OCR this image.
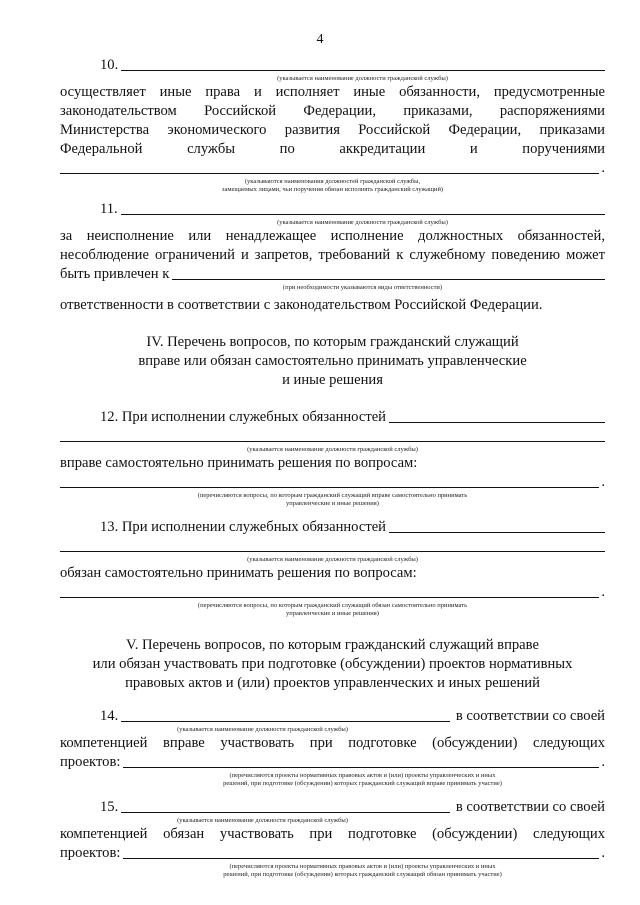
4
10.
(указывается наименование должности гражданской службы)
осуществляет иные права и исполняет иные обязанности, предусмотренные
законодательством Российской Федерации, приказами, распоряжениями
Министерства экономического развития Российской Федерации, приказами
Федеральной службы по аккредитации и поручениями
.
(указываются наименования должностей гражданской службы,
замещаемых лицами, чьи поручения обязан исполнять гражданский служащий)
11.
(указывается наименование должности гражданской службы)
за неисполнение или ненадлежащее исполнение должностных обязанностей,
несоблюдение ограничений и запретов, требований к служебному поведению может
быть привлечен к
(при необходимости указываются виды ответственности)
ответственности в соответствии с законодательством Российской Федерации.
IV. Перечень вопросов, по которым гражданский служащий
вправе или обязан самостоятельно принимать управленческие
и иные решения
12. При исполнении служебных обязанностей
(указывается наименование должности гражданской службы)
вправе самостоятельно принимать решения по вопросам:
.
(перечисляются вопросы, по которым гражданский служащий вправе самостоятельно принимать
управленческие и иные решения)
13. При исполнении служебных обязанностей
(указывается наименование должности гражданской службы)
обязан самостоятельно принимать решения по вопросам:
.
(перечисляются вопросы, по которым гражданский служащий обязан самостоятельно принимать
управленческие и иные решения)
V. Перечень вопросов, по которым гражданский служащий вправе
или обязан участвовать при подготовке (обсуждении) проектов нормативных
правовых актов и (или) проектов управленческих и иных решений
14.	в соответствии со своей
(указывается наименование должности гражданской службы)
компетенцией вправе участвовать при подготовке (обсуждении) следующих
проектов:	.
(перечисляются проекты нормативных правовых актов и (или) проекты управленческих и иных
решений, при подготовке (обсуждении) которых гражданский служащий вправе принимать участие)
15.	в соответствии со своей
(указывается наименование должности гражданской службы)
компетенцией обязан участвовать при подготовке (обсуждении) следующих
проектов:	.
(перечисляются проекты нормативных правовых актов и (или) проекты управленческих и иных
решений, при подготовке (обсуждении) которых гражданский служащий обязан принимать участие)
